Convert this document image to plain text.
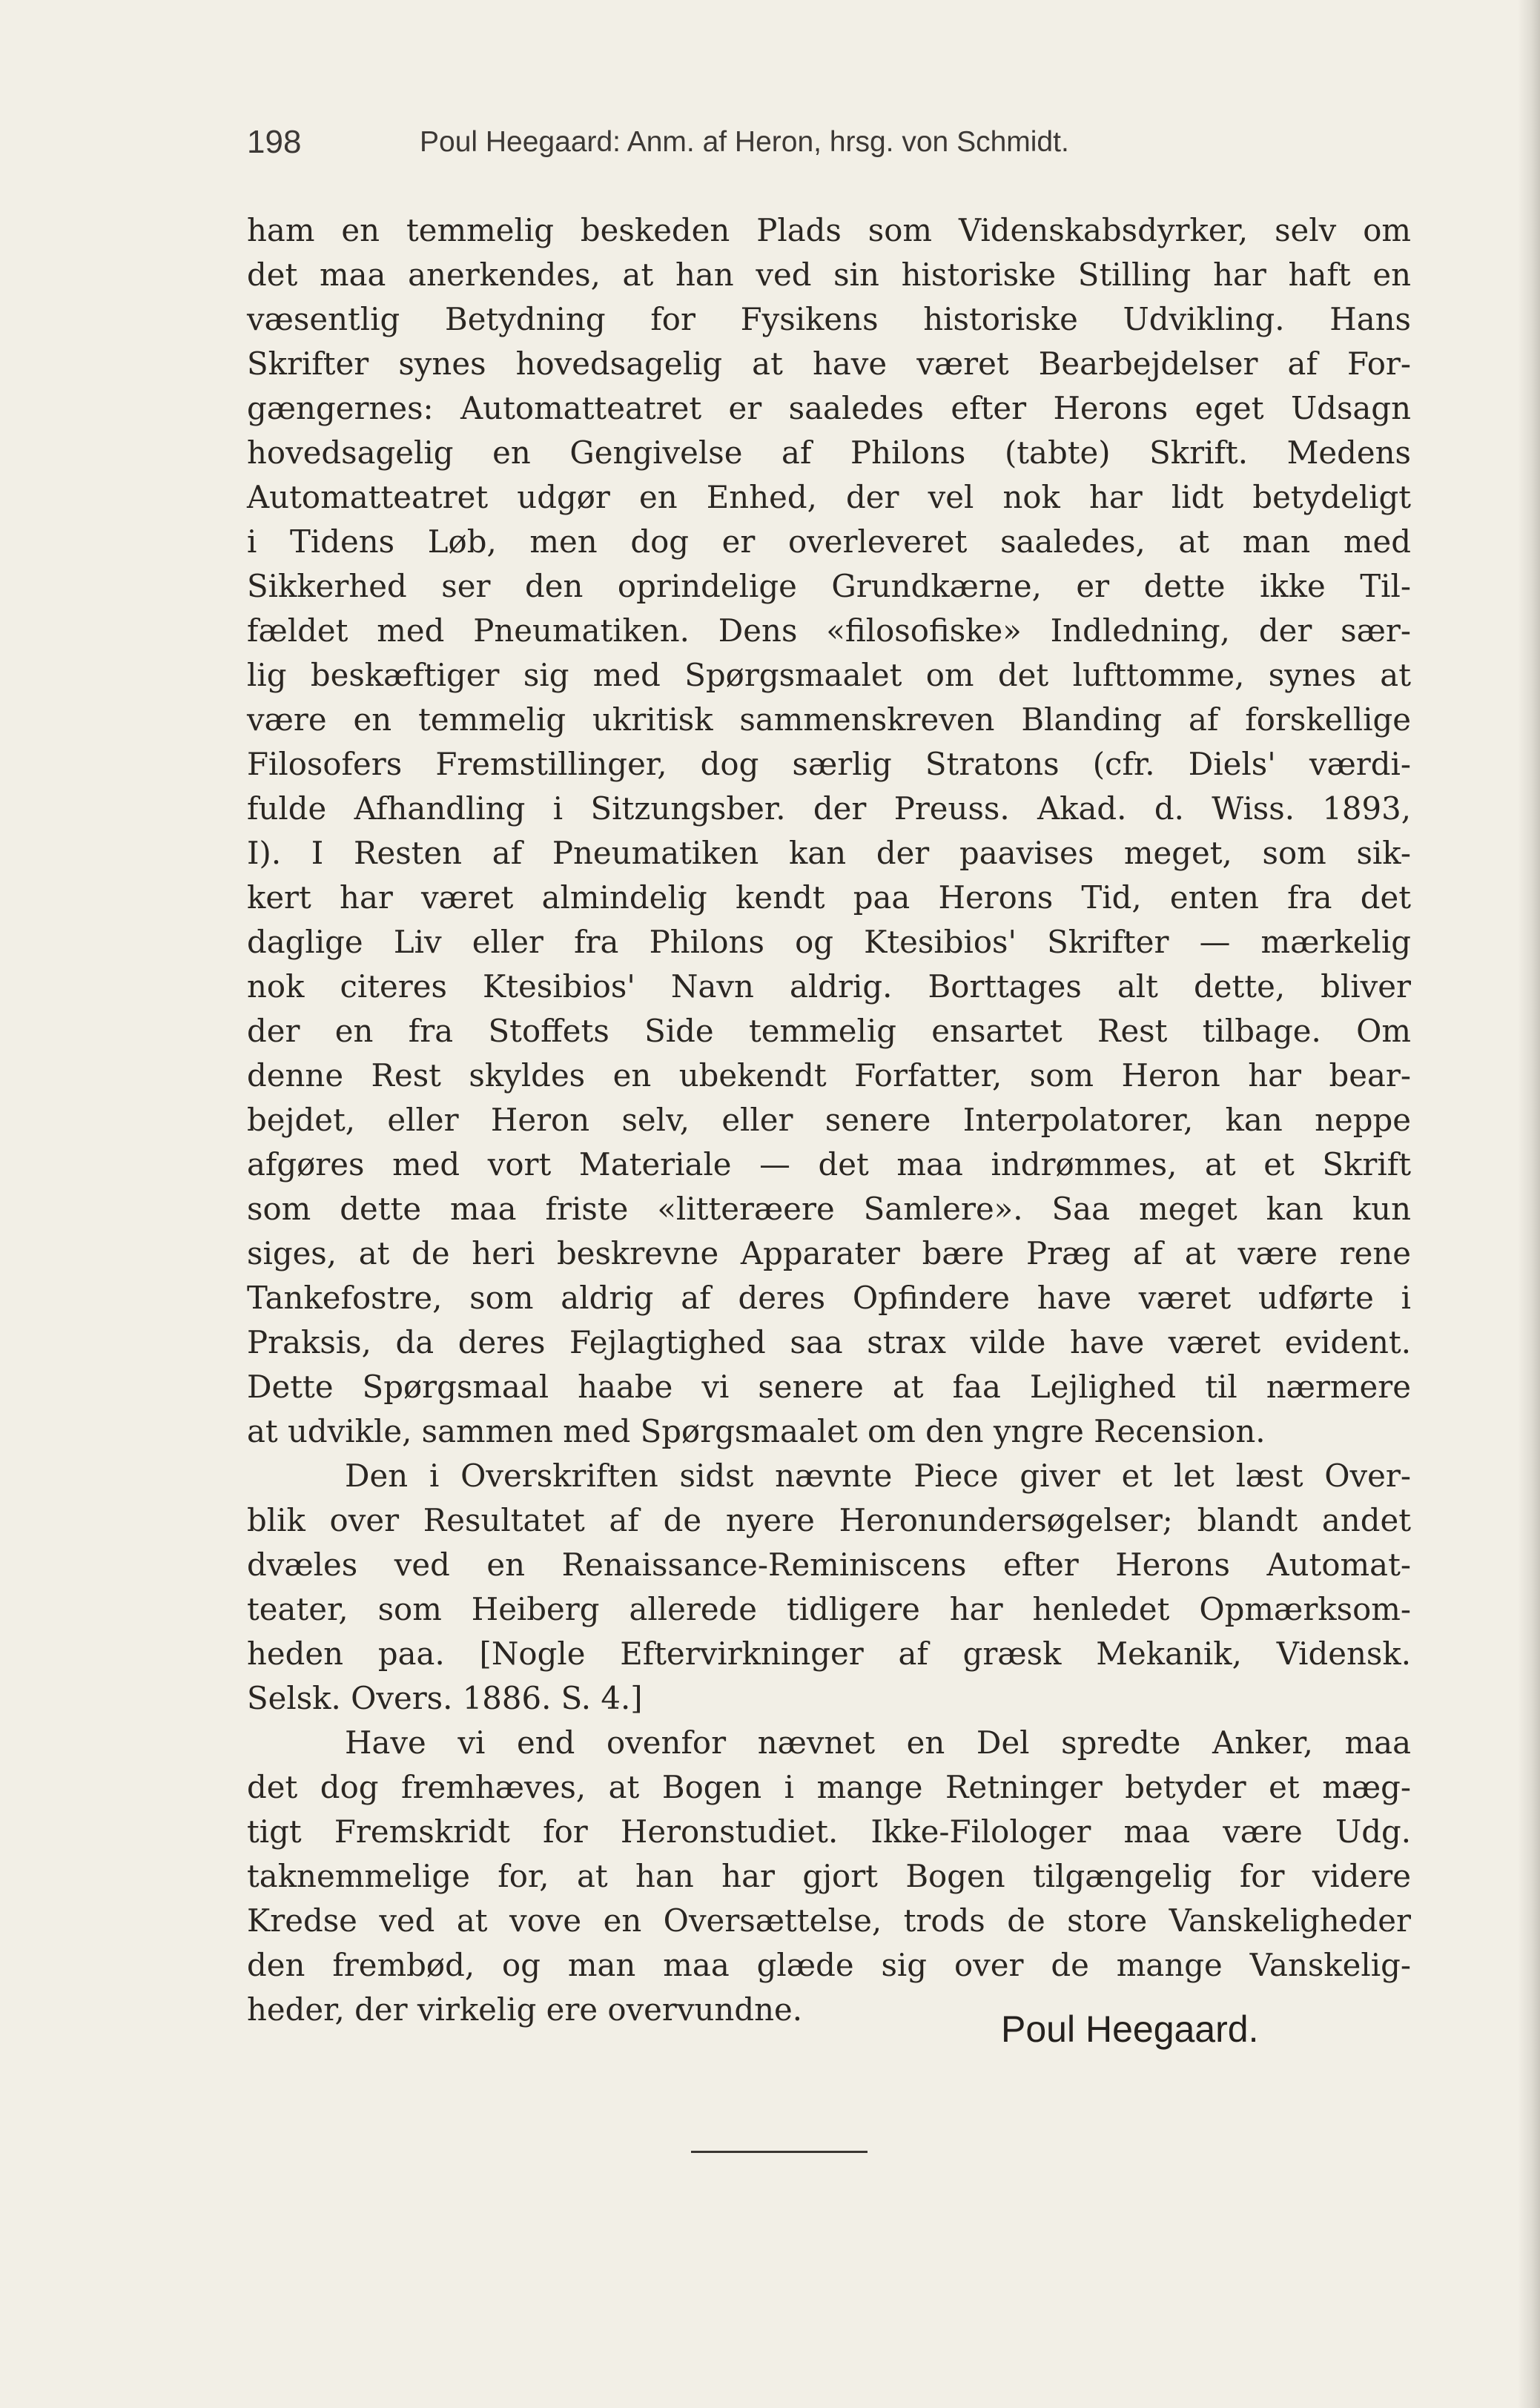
198	Poul Heegaard: Anm. af Heron, hrsg. von Schmidt.
ham en temmelig beskeden Plads som Videnskabsdyrker, selv om
det maa anerkendes, at han ved sin historiske Stilling har haft en
væsentlig Betydning for Fysikens historiske Udvikling. Hans
Skrifter synes hovedsagelig at have været Bearbejdelser af For-
gængernes: Automatteatret er saaledes efter Herons eget Udsagn
hovedsagelig en Gengivelse af Philons (tabte) Skrift. Medens
Automatteatret udgør en Enhed, der vel nok har lidt betydeligt
i Tidens Løb, men dog er overleveret saaledes, at man med
Sikkerhed ser den oprindelige Grundkærne, er dette ikke Til-
fældet med Pneumatiken. Dens «filosofiske» Indledning, der sær-
lig beskæftiger sig med Spørgsmaalet om det lufttomme, synes at
være en temmelig ukritisk sammenskreven Blanding af forskellige
Filosofers Fremstillinger, dog særlig Stratons (cfr. Diels' værdi-
fulde Afhandling i Sitzungsber. der Preuss. Akad. d. Wiss. 1893,
I). I Resten af Pneumatiken kan der paavises meget, som sik-
kert har været almindelig kendt paa Herons Tid, enten fra det
daglige Liv eller fra Philons og Ktesibios' Skrifter — mærkelig
nok citeres Ktesibios' Navn aldrig. Borttages alt dette, bliver
der en fra Stoffets Side temmelig ensartet Rest tilbage. Om
denne Rest skyldes en ubekendt Forfatter, som Heron har bear-
bejdet, eller Heron selv, eller senere Interpolatorer, kan neppe
afgøres med vort Materiale — det maa indrømmes, at et Skrift
som dette maa friste «litteræere Samlere». Saa meget kan kun
siges, at de heri beskrevne Apparater bære Præg af at være rene
Tankefostre, som aldrig af deres Opfindere have været udførte i
Praksis, da deres Fejlagtighed saa strax vilde have været evident.
Dette Spørgsmaal haabe vi senere at faa Lejlighed til nærmere
at udvikle, sammen med Spørgsmaalet om den yngre Recension.
Den i Overskriften sidst nævnte Piece giver et let læst Over-
blik over Resultatet af de nyere Heronundersøgelser; blandt andet
dvæles ved en Renaissance-Reminiscens efter Herons Automat-
teater, som Heiberg allerede tidligere har henledet Opmærksom-
heden paa. [Nogle Eftervirkninger af græsk Mekanik, Vidensk.
Selsk. Overs. 1886. S. 4.]
Have vi end ovenfor nævnet en Del spredte Anker, maa
det dog fremhæves, at Bogen i mange Retninger betyder et mæg-
tigt Fremskridt for Heronstudiet. Ikke-Filologer maa være Udg.
taknemmelige for, at han har gjort Bogen tilgængelig for videre
Kredse ved at vove en Oversættelse, trods de store Vanskeligheder
den frembød, og man maa glæde sig over de mange Vanskelig-
heder, der virkelig ere overvundne.	Poul Heegaard.
